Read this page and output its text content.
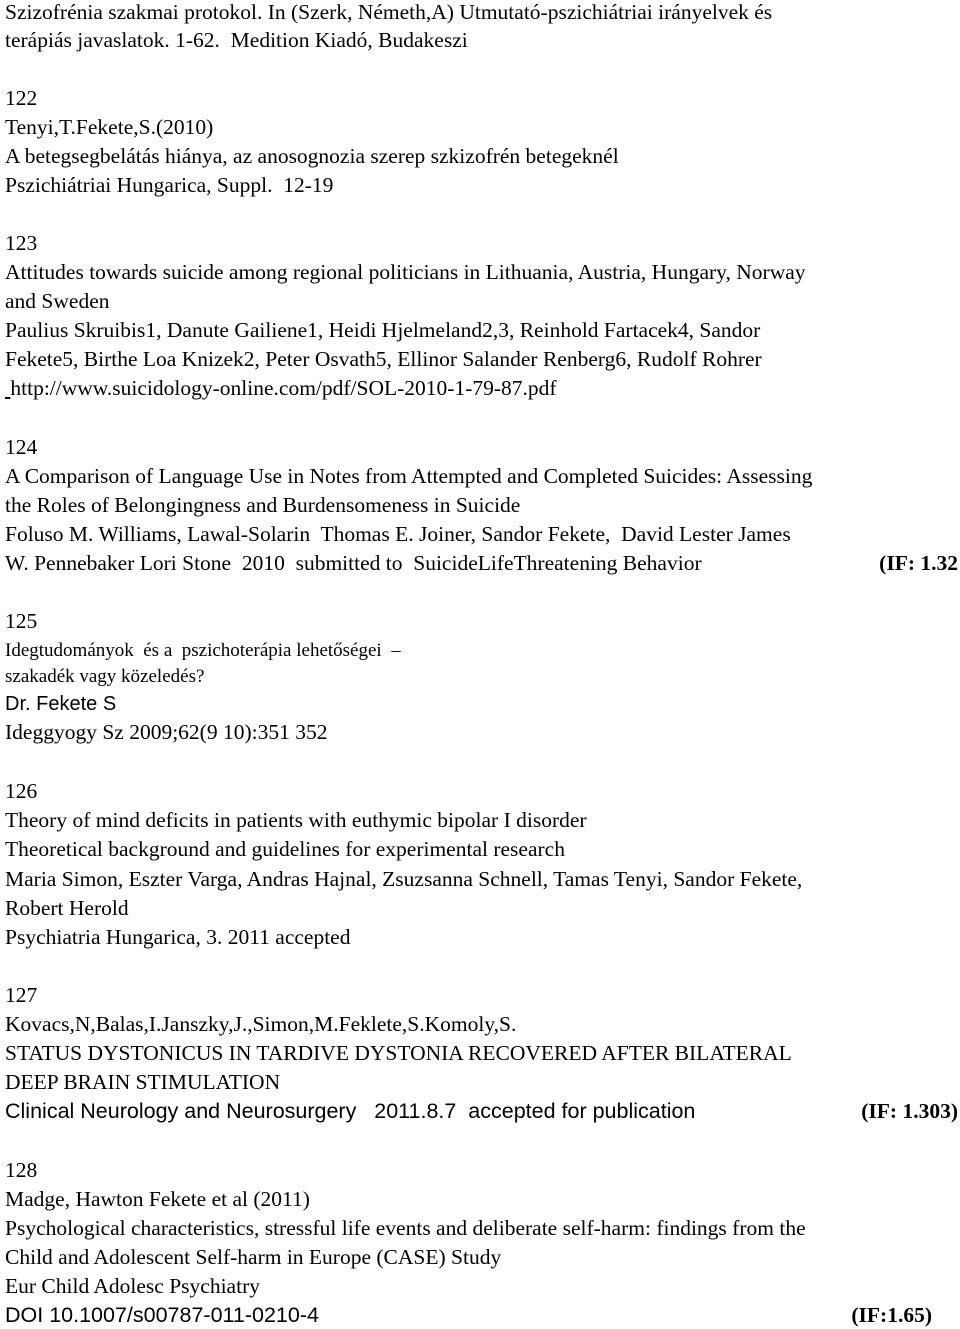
Szizofrénia szakmai protokol. In (Szerk, Németh,A) Utmutató-pszichiátriai irányelvek és
terápiás javaslatok. 1-62.  Medition Kiadó, Budakeszi
122
Tenyi,T.Fekete,S.(2010)
A betegsegbelátás hiánya, az anosognozia szerep szkizofrén betegeknél
Pszichiátriai Hungarica, Suppl.  12-19
123
Attitudes towards suicide among regional politicians in Lithuania, Austria, Hungary, Norway
and Sweden
Paulius Skruibis1, Danute Gailiene1, Heidi Hjelmeland2,3, Reinhold Fartacek4, Sandor
Fekete5, Birthe Loa Knizek2, Peter Osvath5, Ellinor Salander Renberg6, Rudolf Rohrer
http://www.suicidology-online.com/pdf/SOL-2010-1-79-87.pdf
124
A Comparison of Language Use in Notes from Attempted and Completed Suicides: Assessing
the Roles of Belongingness and Burdensomeness in Suicide
Foluso M. Williams, Lawal-Solarin  Thomas E. Joiner, Sandor Fekete,  David Lester James
W. Pennebaker Lori Stone  2010  submitted to  SuicideLifeThreatening Behavior	(IF: 1.32
125
Idegtudományok  és a  pszichoterápia lehetőségei  –
szakadék vagy közeledés?
Dr. Fekete S
Ideggyogy Sz 2009;62(9 10):351 352
126
Theory of mind deficits in patients with euthymic bipolar I disorder
Theoretical background and guidelines for experimental research
Maria Simon, Eszter Varga, Andras Hajnal, Zsuzsanna Schnell, Tamas Tenyi, Sandor Fekete,
Robert Herold
Psychiatria Hungarica, 3. 2011 accepted
127
Kovacs,N,Balas,I.Janszky,J.,Simon,M.Feklete,S.Komoly,S.
STATUS DYSTONICUS IN TARDIVE DYSTONIA RECOVERED AFTER BILATERAL
DEEP BRAIN STIMULATION
Clinical Neurology and Neurosurgery   2011.8.7  accepted for publication	(IF: 1.303)
128
Madge, Hawton Fekete et al (2011)
Psychological characteristics, stressful life events and deliberate self-harm: findings from the
Child and Adolescent Self-harm in Europe (CASE) Study
Eur Child Adolesc Psychiatry
DOI 10.1007/s00787-011-0210-4	(IF:1.65)
